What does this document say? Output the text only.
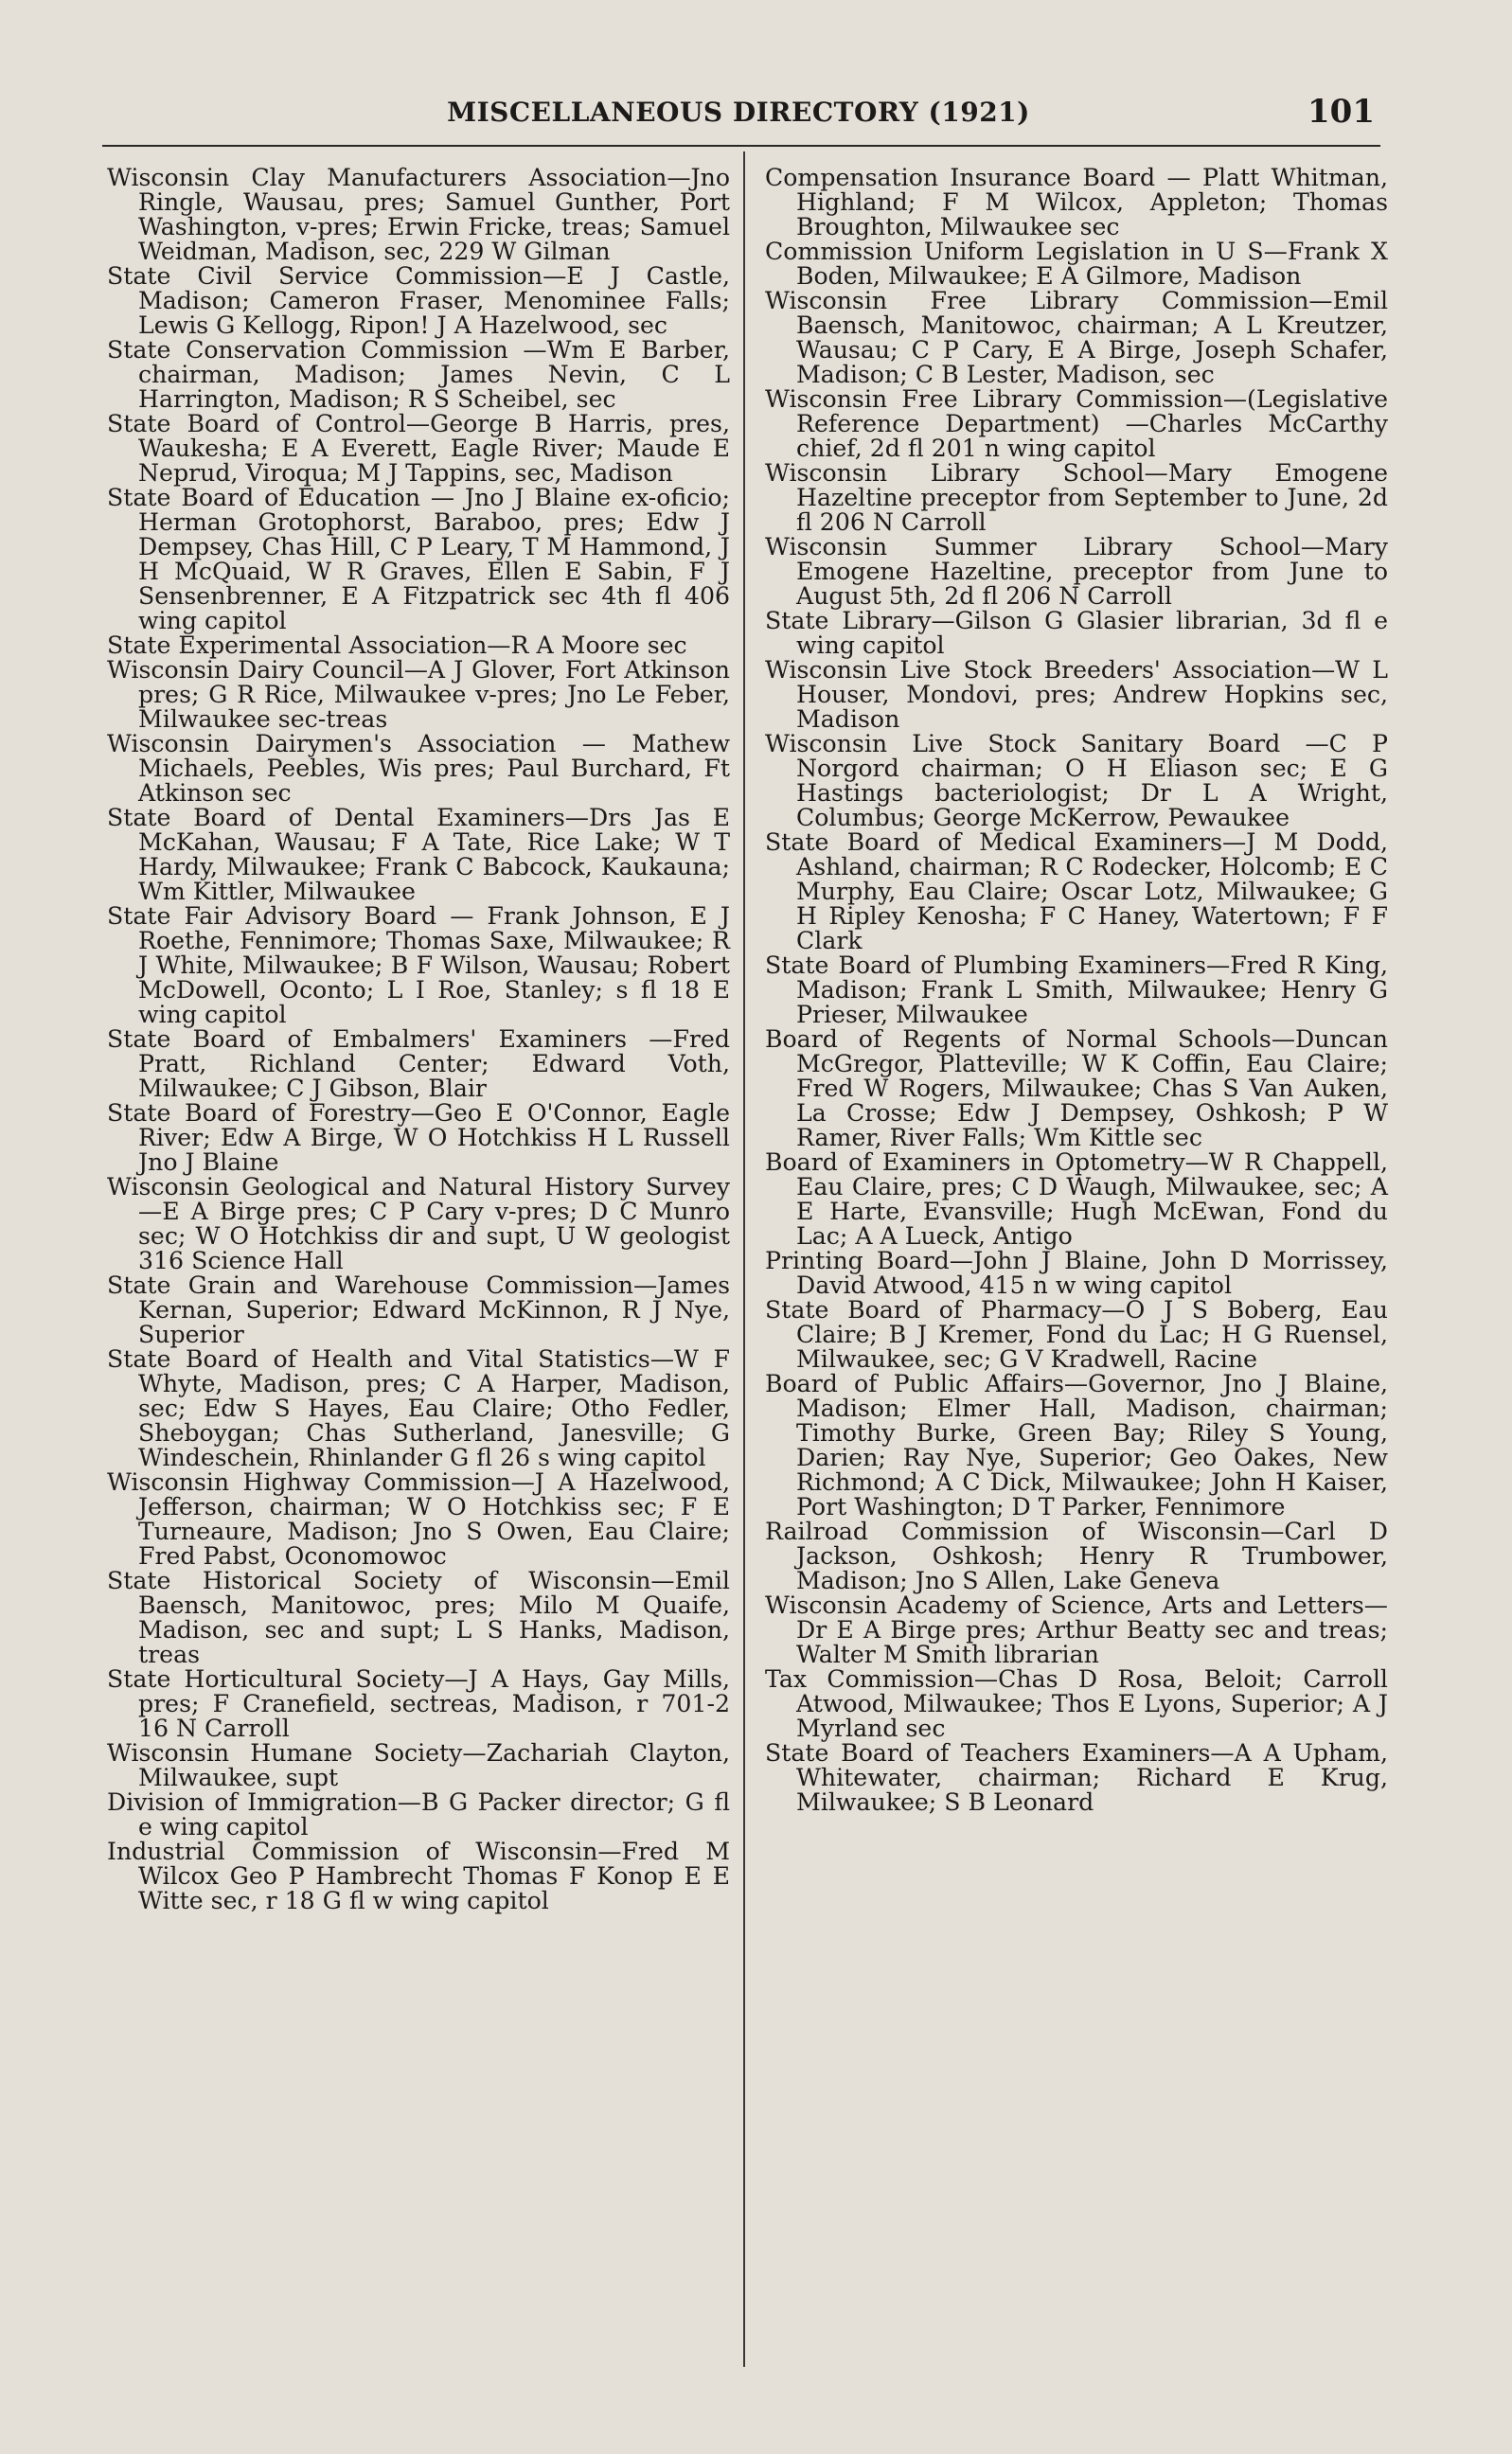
MISCELLANEOUS DIRECTORY (1921)	101

Wisconsin Clay Manufacturers Association—Jno Ringle, Wausau, pres; Samuel Gunther, Port Washington, v-pres; Erwin Fricke, treas; Samuel Weidman, Madison, sec, 229 W Gilman

State Civil Service Commission—E J Castle, Madison; Cameron Fraser, Menominee Falls; Lewis G Kellogg, Ripon! J A Hazelwood, sec

State Conservation Commission —Wm E Barber, chairman, Madison; James Nevin, C L Harrington, Madison; R S Scheibel, sec

State Board of Control—George B Harris, pres, Waukesha; E A Everett, Eagle River; Maude E Neprud, Viroqua; M J Tappins, sec, Madison

State Board of Education — Jno J Blaine ex-oficio; Herman Grotophorst, Baraboo, pres; Edw J Dempsey, Chas Hill, C P Leary, T M Hammond, J H McQuaid, W R Graves, Ellen E Sabin, F J Sensenbrenner, E A Fitzpatrick sec 4th fl 406 wing capitol

State Experimental Association—R A Moore sec

Wisconsin Dairy Council—A J Glover, Fort Atkinson pres; G R Rice, Milwaukee v-pres; Jno Le Feber, Milwaukee sec-treas

Wisconsin Dairymen's Association — Mathew Michaels, Peebles, Wis pres; Paul Burchard, Ft Atkinson sec

State Board of Dental Examiners—Drs Jas E McKahan, Wausau; F A Tate, Rice Lake; W T Hardy, Milwaukee; Frank C Babcock, Kaukauna; Wm Kittler, Milwaukee

State Fair Advisory Board — Frank Johnson, E J Roethe, Fennimore; Thomas Saxe, Milwaukee; R J White, Milwaukee; B F Wilson, Wausau; Robert McDowell, Oconto; L I Roe, Stanley; s fl 18 E wing capitol

State Board of Embalmers' Examiners —Fred Pratt, Richland Center; Edward Voth, Milwaukee; C J Gibson, Blair

State Board of Forestry—Geo E O'Connor, Eagle River; Edw A Birge, W O Hotchkiss H L Russell Jno J Blaine

Wisconsin Geological and Natural History Survey—E A Birge pres; C P Cary v-pres; D C Munro sec; W O Hotchkiss dir and supt, U W geologist 316 Science Hall

State Grain and Warehouse Commission—James Kernan, Superior; Edward McKinnon, R J Nye, Superior

State Board of Health and Vital Statistics—W F Whyte, Madison, pres; C A Harper, Madison, sec; Edw S Hayes, Eau Claire; Otho Fedler, Sheboygan; Chas Sutherland, Janesville; G Windeschein, Rhinlander G fl 26 s wing capitol

Wisconsin Highway Commission—J A Hazelwood, Jefferson, chairman; W O Hotchkiss sec; F E Turneaure, Madison; Jno S Owen, Eau Claire; Fred Pabst, Oconomowoc

State Historical Society of Wisconsin—Emil Baensch, Manitowoc, pres; Milo M Quaife, Madison, sec and supt; L S Hanks, Madison, treas

State Horticultural Society—J A Hays, Gay Mills, pres; F Cranefield, sectreas, Madison, r 701-2 16 N Carroll

Wisconsin Humane Society—Zachariah Clayton, Milwaukee, supt

Division of Immigration—B G Packer director; G fl e wing capitol

Industrial Commission of Wisconsin—Fred M Wilcox Geo P Hambrecht Thomas F Konop E E Witte sec, r 18 G fl w wing capitol

Compensation Insurance Board — Platt Whitman, Highland; F M Wilcox, Appleton; Thomas Broughton, Milwaukee sec

Commission Uniform Legislation in U S—Frank X Boden, Milwaukee; E A Gilmore, Madison

Wisconsin Free Library Commission—Emil Baensch, Manitowoc, chairman; A L Kreutzer, Wausau; C P Cary, E A Birge, Joseph Schafer, Madison; C B Lester, Madison, sec

Wisconsin Free Library Commission—(Legislative Reference Department) —Charles McCarthy chief, 2d fl 201 n wing capitol

Wisconsin Library School—Mary Emogene Hazeltine preceptor from September to June, 2d fl 206 N Carroll

Wisconsin Summer Library School—Mary Emogene Hazeltine, preceptor from June to August 5th, 2d fl 206 N Carroll

State Library—Gilson G Glasier librarian, 3d fl e wing capitol

Wisconsin Live Stock Breeders' Association—W L Houser, Mondovi, pres; Andrew Hopkins sec, Madison

Wisconsin Live Stock Sanitary Board —C P Norgord chairman; O H Eliason sec; E G Hastings bacteriologist; Dr L A Wright, Columbus; George McKerrow, Pewaukee

State Board of Medical Examiners—J M Dodd, Ashland, chairman; R C Rodecker, Holcomb; E C Murphy, Eau Claire; Oscar Lotz, Milwaukee; G H Ripley Kenosha; F C Haney, Watertown; F F Clark

State Board of Plumbing Examiners—Fred R King, Madison; Frank L Smith, Milwaukee; Henry G Prieser, Milwaukee

Board of Regents of Normal Schools—Duncan McGregor, Platteville; W K Coffin, Eau Claire; Fred W Rogers, Milwaukee; Chas S Van Auken, La Crosse; Edw J Dempsey, Oshkosh; P W Ramer, River Falls; Wm Kittle sec

Board of Examiners in Optometry—W R Chappell, Eau Claire, pres; C D Waugh, Milwaukee, sec; A E Harte, Evansville; Hugh McEwan, Fond du Lac; A A Lueck, Antigo

Printing Board—John J Blaine, John D Morrissey, David Atwood, 415 n w wing capitol

State Board of Pharmacy—O J S Boberg, Eau Claire; B J Kremer, Fond du Lac; H G Ruensel, Milwaukee, sec; G V Kradwell, Racine

Board of Public Affairs—Governor, Jno J Blaine, Madison; Elmer Hall, Madison, chairman; Timothy Burke, Green Bay; Riley S Young, Darien; Ray Nye, Superior; Geo Oakes, New Richmond; A C Dick, Milwaukee; John H Kaiser, Port Washington; D T Parker, Fennimore

Railroad Commission of Wisconsin—Carl D Jackson, Oshkosh; Henry R Trumbower, Madison; Jno S Allen, Lake Geneva

Wisconsin Academy of Science, Arts and Letters—Dr E A Birge pres; Arthur Beatty sec and treas; Walter M Smith librarian

Tax Commission—Chas D Rosa, Beloit; Carroll Atwood, Milwaukee; Thos E Lyons, Superior; A J Myrland sec

State Board of Teachers Examiners—A A Upham, Whitewater, chairman; Richard E Krug, Milwaukee; S B Leonard
